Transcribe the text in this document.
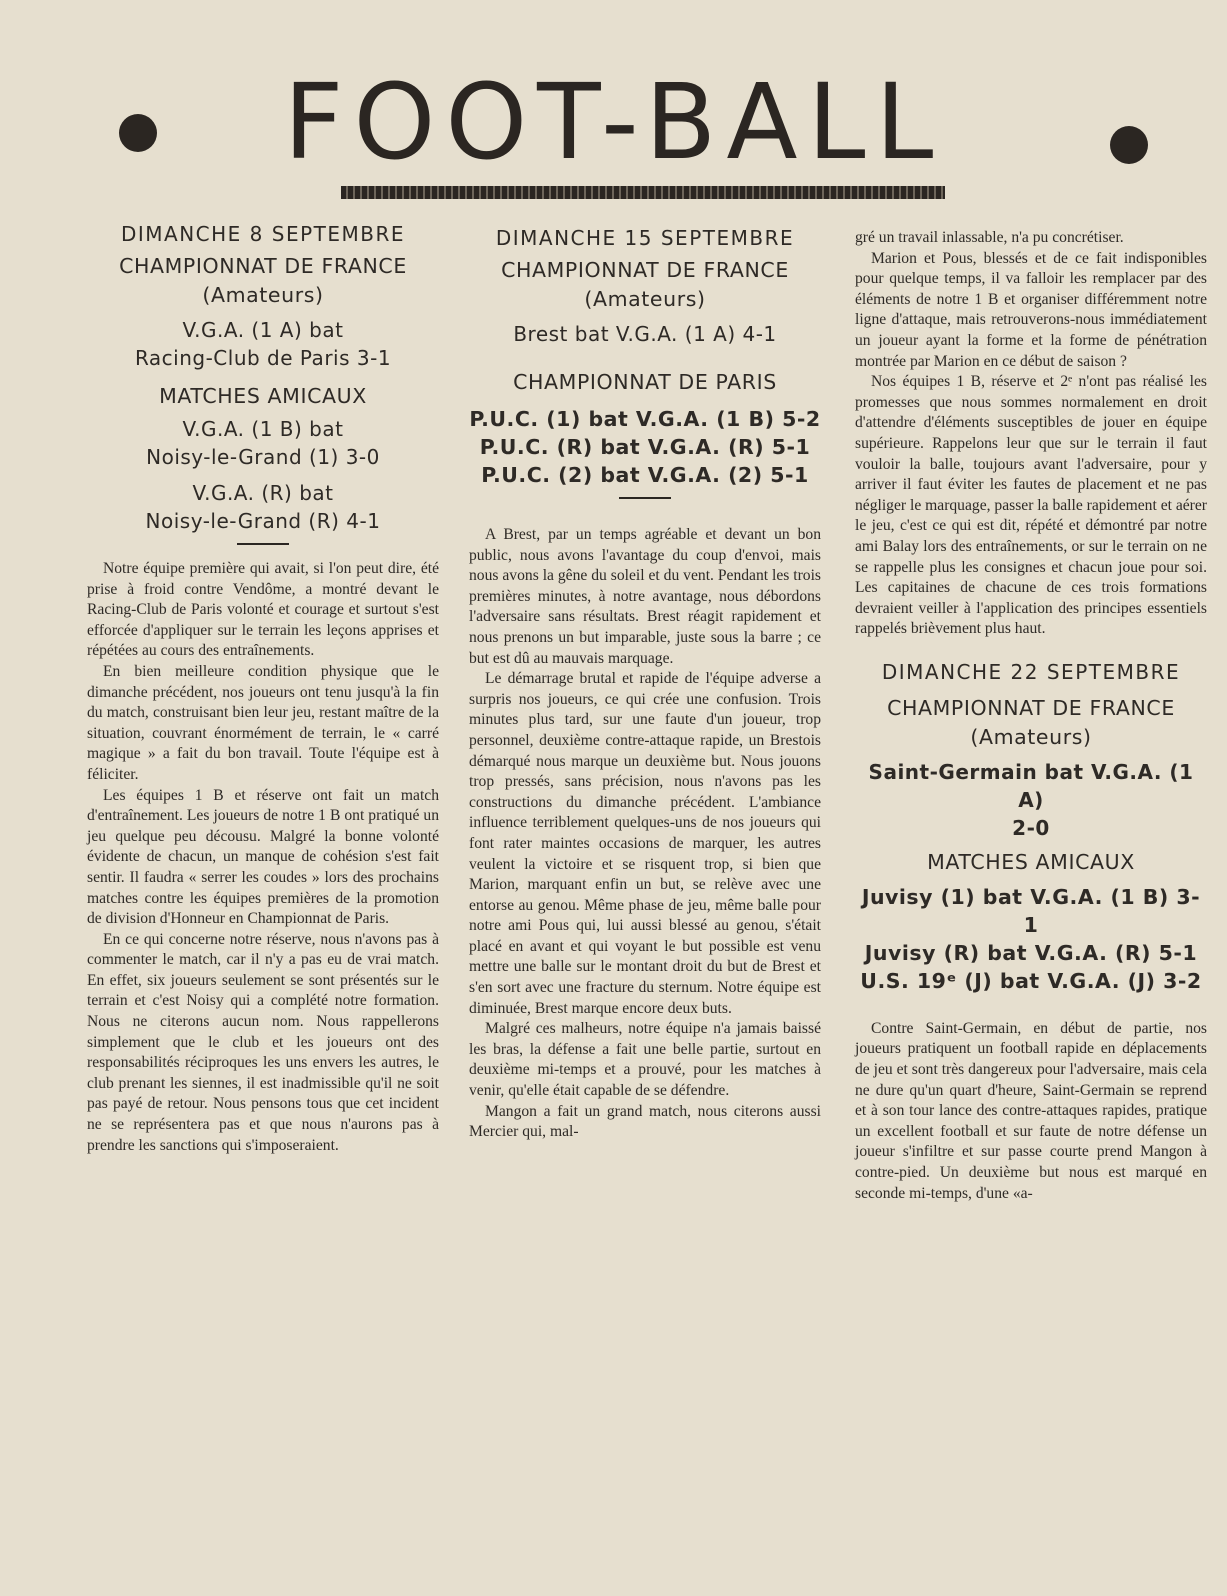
FOOT-BALL
DIMANCHE 8 SEPTEMBRE
CHAMPIONNAT DE FRANCE
(Amateurs)
V.G.A. (1 A) bat
Racing-Club de Paris 3-1
MATCHES AMICAUX
V.G.A. (1 B) bat
Noisy-le-Grand (1) 3-0
V.G.A. (R) bat
Noisy-le-Grand (R) 4-1

Notre équipe première qui avait, si l'on peut dire, été prise à froid contre Vendôme, a montré devant le Racing-Club de Paris volonté et courage et surtout s'est efforcée d'appliquer sur le terrain les leçons apprises et répétées au cours des entraînements.

En bien meilleure condition physique que le dimanche précédent, nos joueurs ont tenu jusqu'à la fin du match, construisant bien leur jeu, restant maître de la situation, couvrant énormément de terrain, le « carré magique » a fait du bon travail. Toute l'équipe est à féliciter.

Les équipes 1 B et réserve ont fait un match d'entraînement. Les joueurs de notre 1 B ont pratiqué un jeu quelque peu décousu. Malgré la bonne volonté évidente de chacun, un manque de cohésion s'est fait sentir. Il faudra « serrer les coudes » lors des prochains matches contre les équipes premières de la promotion de division d'Honneur en Championnat de Paris.

En ce qui concerne notre réserve, nous n'avons pas à commenter le match, car il n'y a pas eu de vrai match. En effet, six joueurs seulement se sont présentés sur le terrain et c'est Noisy qui a complété notre formation. Nous ne citerons aucun nom. Nous rappellerons simplement que le club et les joueurs ont des responsabilités réciproques les uns envers les autres, le club prenant les siennes, il est inadmissible qu'il ne soit pas payé de retour. Nous pensons tous que cet incident ne se représentera pas et que nous n'aurons pas à prendre les sanctions qui s'imposeraient.

DIMANCHE 15 SEPTEMBRE
CHAMPIONNAT DE FRANCE
(Amateurs)
Brest bat V.G.A. (1 A) 4-1
CHAMPIONNAT DE PARIS
P.U.C. (1) bat V.G.A. (1 B) 5-2
P.U.C. (R) bat V.G.A. (R) 5-1
P.U.C. (2) bat V.G.A. (2) 5-1

A Brest, par un temps agréable et devant un bon public, nous avons l'avantage du coup d'envoi, mais nous avons la gêne du soleil et du vent. Pendant les trois premières minutes, à notre avantage, nous débordons l'adversaire sans résultats. Brest réagit rapidement et nous prenons un but imparable, juste sous la barre ; ce but est dû au mauvais marquage.

Le démarrage brutal et rapide de l'équipe adverse a surpris nos joueurs, ce qui crée une confusion. Trois minutes plus tard, sur une faute d'un joueur, trop personnel, deuxième contre-attaque rapide, un Brestois démarqué nous marque un deuxième but. Nous jouons trop pressés, sans précision, nous n'avons pas les constructions du dimanche précédent. L'ambiance influence terriblement quelques-uns de nos joueurs qui font rater maintes occasions de marquer, les autres veulent la victoire et se risquent trop, si bien que Marion, marquant enfin un but, se relève avec une entorse au genou. Même phase de jeu, même balle pour notre ami Pous qui, lui aussi blessé au genou, s'était placé en avant et qui voyant le but possible est venu mettre une balle sur le montant droit du but de Brest et s'en sort avec une fracture du sternum. Notre équipe est diminuée, Brest marque encore deux buts.

Malgré ces malheurs, notre équipe n'a jamais baissé les bras, la défense a fait une belle partie, surtout en deuxième mi-temps et a prouvé, pour les matches à venir, qu'elle était capable de se défendre.

Mangon a fait un grand match, nous citerons aussi Mercier qui, mal-

gré un travail inlassable, n'a pu concrétiser.

Marion et Pous, blessés et de ce fait indisponibles pour quelque temps, il va falloir les remplacer par des éléments de notre 1 B et organiser différemment notre ligne d'attaque, mais retrouverons-nous immédiatement un joueur ayant la forme et la forme de pénétration montrée par Marion en ce début de saison ?

Nos équipes 1 B, réserve et 2ᵉ n'ont pas réalisé les promesses que nous sommes normalement en droit d'attendre d'éléments susceptibles de jouer en équipe supérieure. Rappelons leur que sur le terrain il faut vouloir la balle, toujours avant l'adversaire, pour y arriver il faut éviter les fautes de placement et ne pas négliger le marquage, passer la balle rapidement et aérer le jeu, c'est ce qui est dit, répété et démontré par notre ami Balay lors des entraînements, or sur le terrain on ne se rappelle plus les consignes et chacun joue pour soi. Les capitaines de chacune de ces trois formations devraient veiller à l'application des principes essentiels rappelés brièvement plus haut.

DIMANCHE 22 SEPTEMBRE
CHAMPIONNAT DE FRANCE
(Amateurs)
Saint-Germain bat V.G.A. (1 A)
2-0
MATCHES AMICAUX
Juvisy (1) bat V.G.A. (1 B) 3-1
Juvisy (R) bat V.G.A. (R) 5-1
U.S. 19ᵉ (J) bat V.G.A. (J) 3-2

Contre Saint-Germain, en début de partie, nos joueurs pratiquent un football rapide en déplacements de jeu et sont très dangereux pour l'adversaire, mais cela ne dure qu'un quart d'heure, Saint-Germain se reprend et à son tour lance des contre-attaques rapides, pratique un excellent football et sur faute de notre défense un joueur s'infiltre et sur passe courte prend Mangon à contre-pied. Un deuxième but nous est marqué en seconde mi-temps, d'une «a-
